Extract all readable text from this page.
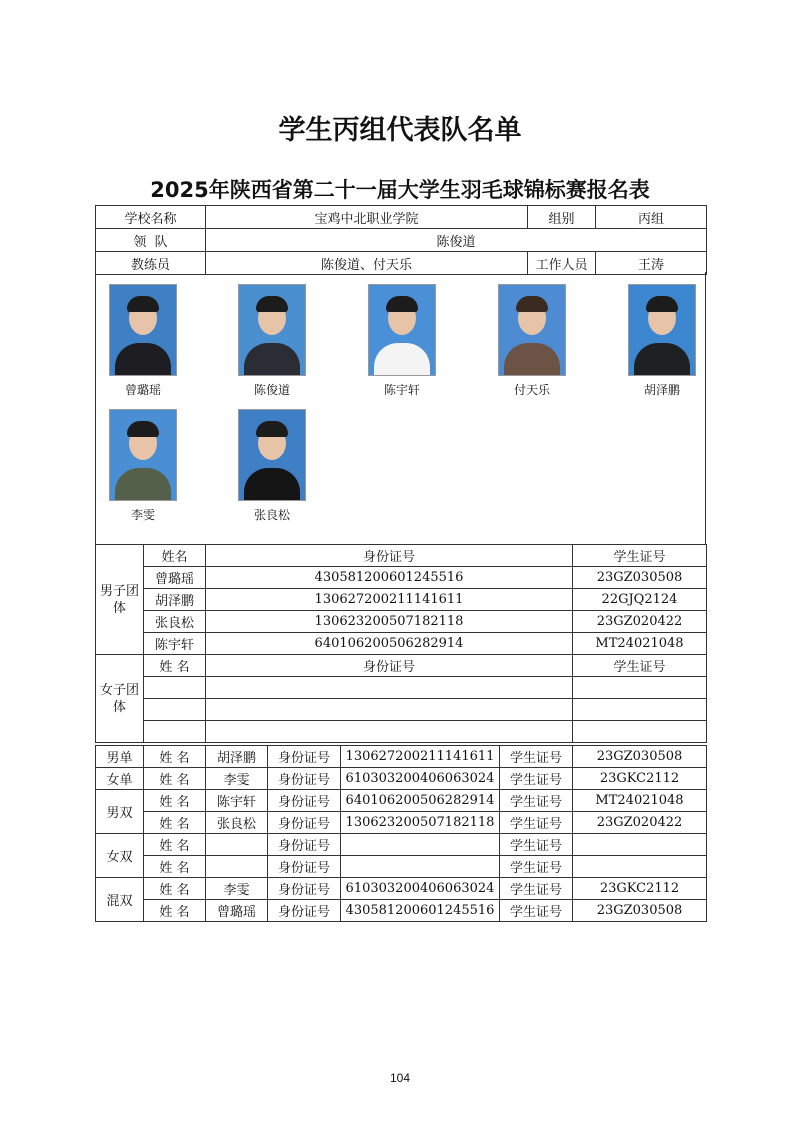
学生丙组代表队名单
2025年陕西省第二十一届大学生羽毛球锦标赛报名表
学校名称	宝鸡中北职业学院	组别	丙组
领  队	陈俊道		
教练员	陈俊道、付天乐	工作人员	王涛
曾璐瑶	陈俊道	陈宇轩	付天乐	胡泽鹏
李雯	张良松
男子团体	姓名	身份证号	学生证号
	曾璐瑶	430581200601245516	23GZ030508
	胡泽鹏	130627200211141611	22GJQ2124
	张良松	130623200507182118	23GZ020422
	陈宇轩	640106200506282914	MT24021048
女子团体	姓 名	身份证号	学生证号

男单	姓 名	胡泽鹏	身份证号	130627200211141611	学生证号	23GZ030508
女单	姓 名	李雯	身份证号	610303200406063024	学生证号	23GKC2112
男双	姓 名	陈宇轩	身份证号	640106200506282914	学生证号	MT24021048
	姓 名	张良松	身份证号	130623200507182118	学生证号	23GZ020422
女双	姓 名		身份证号		学生证号	
	姓 名		身份证号		学生证号	
混双	姓 名	李雯	身份证号	610303200406063024	学生证号	23GKC2112
	姓 名	曾璐瑶	身份证号	430581200601245516	学生证号	23GZ030508
104
